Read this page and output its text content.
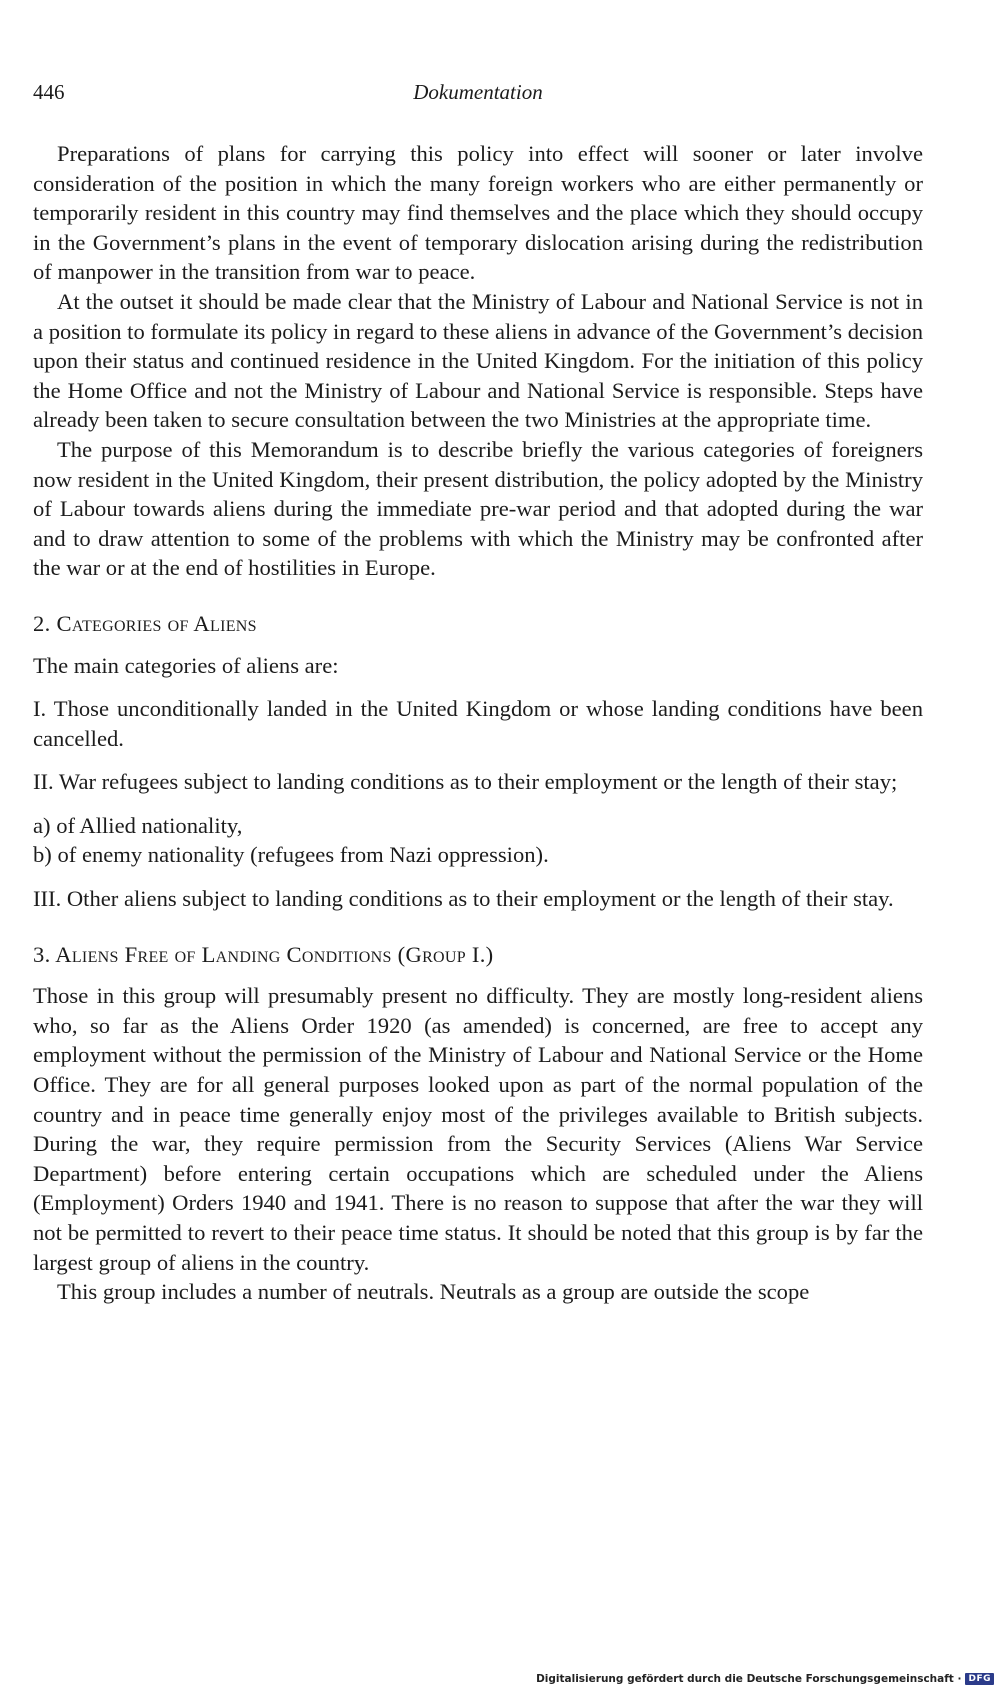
446	Dokumentation

Preparations of plans for carrying this policy into effect will sooner or later involve consideration of the position in which the many foreign workers who are either permanently or temporarily resident in this country may find themselves and the place which they should occupy in the Government’s plans in the event of temporary dislocation arising during the redistribution of manpower in the transition from war to peace.

At the outset it should be made clear that the Ministry of Labour and National Service is not in a position to formulate its policy in regard to these aliens in advance of the Government’s decision upon their status and continued residence in the United Kingdom. For the initiation of this policy the Home Office and not the Ministry of Labour and National Service is responsible. Steps have already been taken to secure consultation between the two Ministries at the appropriate time.

The purpose of this Memorandum is to describe briefly the various categories of foreigners now resident in the United Kingdom, their present distribution, the policy adopted by the Ministry of Labour towards aliens during the immediate pre-war period and that adopted during the war and to draw attention to some of the problems with which the Ministry may be confronted after the war or at the end of hostilities in Europe.

2. Categories of Aliens

The main categories of aliens are:

I. Those unconditionally landed in the United Kingdom or whose landing conditions have been cancelled.

II. War refugees subject to landing conditions as to their employment or the length of their stay;

a) of Allied nationality,
b) of enemy nationality (refugees from Nazi oppression).

III. Other aliens subject to landing conditions as to their employment or the length of their stay.

3. Aliens Free of Landing Conditions (Group I.)

Those in this group will presumably present no difficulty. They are mostly long-resident aliens who, so far as the Aliens Order 1920 (as amended) is concerned, are free to accept any employment without the permission of the Ministry of Labour and National Service or the Home Office. They are for all general purposes looked upon as part of the normal population of the country and in peace time generally enjoy most of the privileges available to British subjects. During the war, they require permission from the Security Services (Aliens War Service Department) before entering certain occupations which are scheduled under the Aliens (Employment) Orders 1940 and 1941. There is no reason to suppose that after the war they will not be permitted to revert to their peace time status. It should be noted that this group is by far the largest group of aliens in the country.

This group includes a number of neutrals. Neutrals as a group are outside the scope

Digitalisierung gefördert durch die Deutsche Forschungsgemeinschaft · DFG
